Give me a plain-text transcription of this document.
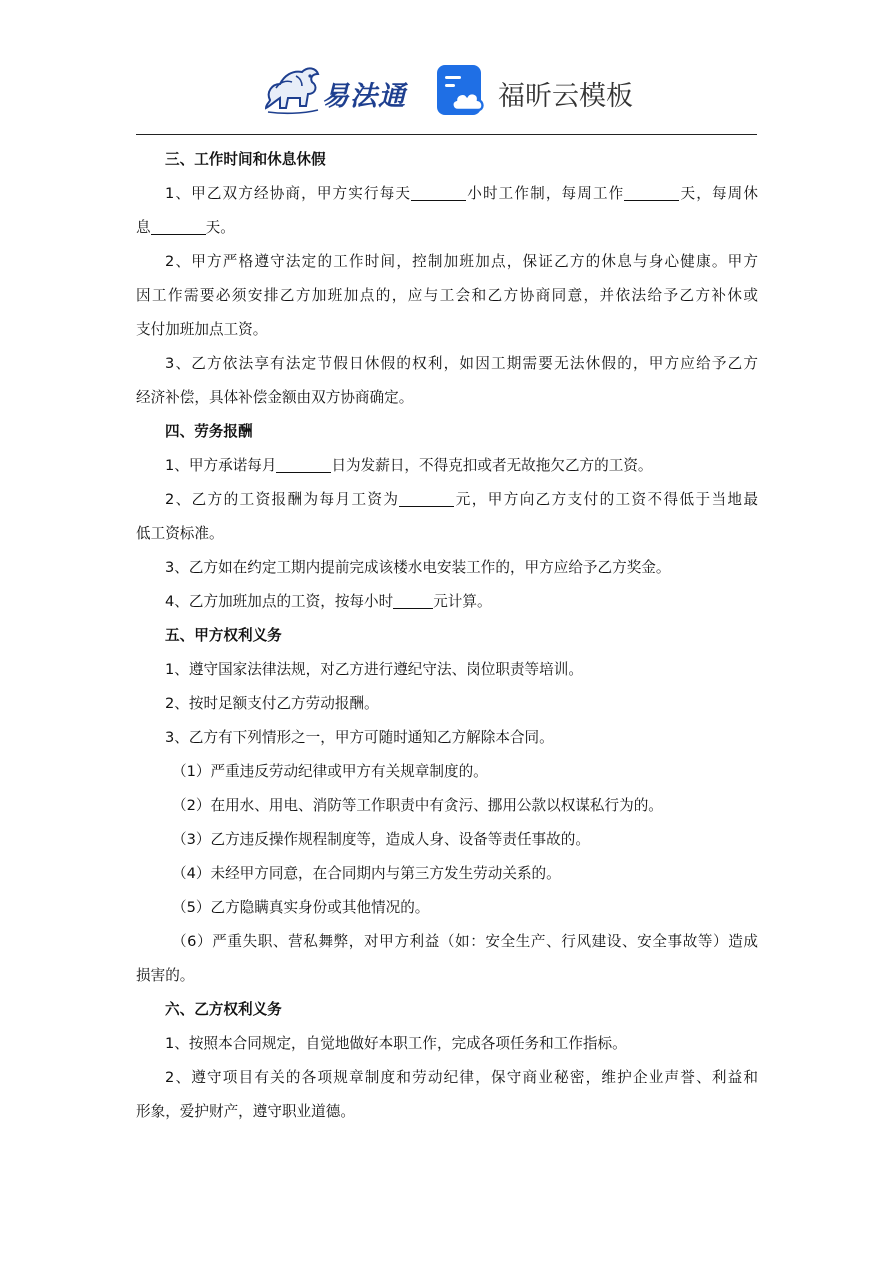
易法通	福昕云模板
三、工作时间和休息休假
1、甲乙双方经协商，甲方实行每天	小时工作制，每周工作	天，每周休
息	天。
2、甲方严格遵守法定的工作时间，控制加班加点，保证乙方的休息与身心健康。甲方
因工作需要必须安排乙方加班加点的，应与工会和乙方协商同意，并依法给予乙方补休或
支付加班加点工资。
3、乙方依法享有法定节假日休假的权利，如因工期需要无法休假的，甲方应给予乙方
经济补偿，具体补偿金额由双方协商确定。
四、劳务报酬
1、甲方承诺每月	日为发薪日，不得克扣或者无故拖欠乙方的工资。
2、乙方的工资报酬为每月工资为	元，甲方向乙方支付的工资不得低于当地最
低工资标准。
3、乙方如在约定工期内提前完成该楼水电安装工作的，甲方应给予乙方奖金。
4、乙方加班加点的工资，按每小时	元计算。
五、甲方权利义务
1、遵守国家法律法规，对乙方进行遵纪守法、岗位职责等培训。
2、按时足额支付乙方劳动报酬。
3、乙方有下列情形之一，甲方可随时通知乙方解除本合同。
（1）严重违反劳动纪律或甲方有关规章制度的。
（2）在用水、用电、消防等工作职责中有贪污、挪用公款以权谋私行为的。
（3）乙方违反操作规程制度等，造成人身、设备等责任事故的。
（4）未经甲方同意，在合同期内与第三方发生劳动关系的。
（5）乙方隐瞒真实身份或其他情况的。
（6）严重失职、营私舞弊，对甲方利益（如：安全生产、行风建设、安全事故等）造成
损害的。
六、乙方权利义务
1、按照本合同规定，自觉地做好本职工作，完成各项任务和工作指标。
2、遵守项目有关的各项规章制度和劳动纪律，保守商业秘密，维护企业声誉、利益和
形象，爱护财产，遵守职业道德。
